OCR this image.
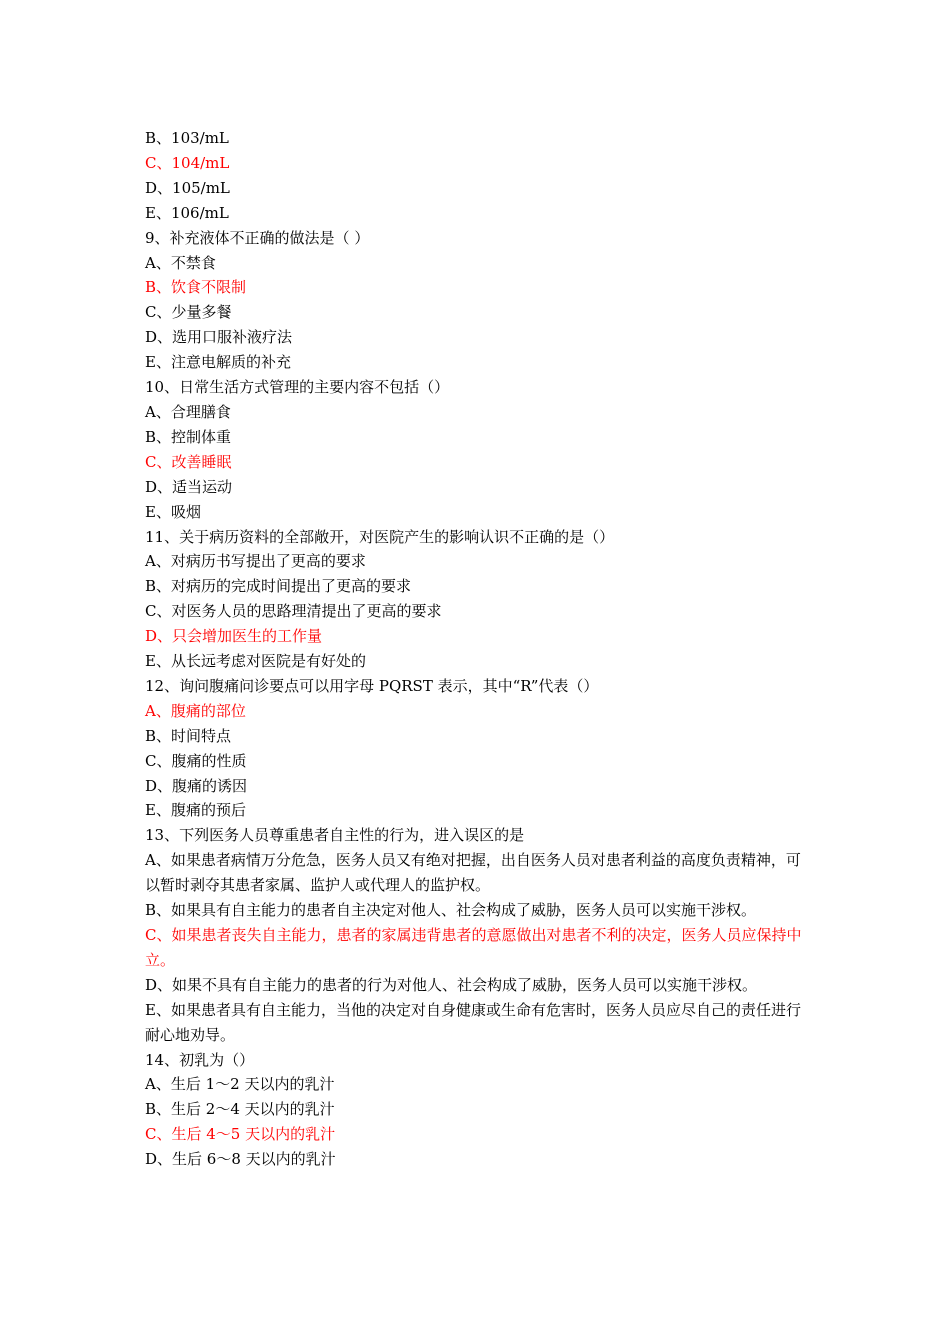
B、103/mL

C、104/mL

D、105/mL

E、106/mL

9、补充液体不正确的做法是（ ）

A、不禁食

B、饮食不限制

C、少量多餐

D、选用口服补液疗法

E、注意电解质的补充

10、日常生活方式管理的主要内容不包括（）

A、合理膳食

B、控制体重

C、改善睡眠

D、适当运动

E、吸烟

11、关于病历资料的全部敞开，对医院产生的影响认识不正确的是（）

A、对病历书写提出了更高的要求

B、对病历的完成时间提出了更高的要求

C、对医务人员的思路理清提出了更高的要求

D、只会增加医生的工作量

E、从长远考虑对医院是有好处的

12、询问腹痛问诊要点可以用字母 PQRST 表示，其中“R”代表（）

A、腹痛的部位

B、时间特点

C、腹痛的性质

D、腹痛的诱因

E、腹痛的预后

13、下列医务人员尊重患者自主性的行为，进入误区的是

A、如果患者病情万分危急，医务人员又有绝对把握，出自医务人员对患者利益的高度负责精神，可以暂时剥夺其患者家属、监护人或代理人的监护权。

B、如果具有自主能力的患者自主决定对他人、社会构成了威胁，医务人员可以实施干涉权。

C、如果患者丧失自主能力，患者的家属违背患者的意愿做出对患者不利的决定，医务人员应保持中立。

D、如果不具有自主能力的患者的行为对他人、社会构成了威胁，医务人员可以实施干涉权。

E、如果患者具有自主能力，当他的决定对自身健康或生命有危害时，医务人员应尽自己的责任进行耐心地劝导。

14、初乳为（）

A、生后 1～2 天以内的乳汁

B、生后 2～4 天以内的乳汁

C、生后 4～5 天以内的乳汁

D、生后 6～8 天以内的乳汁
